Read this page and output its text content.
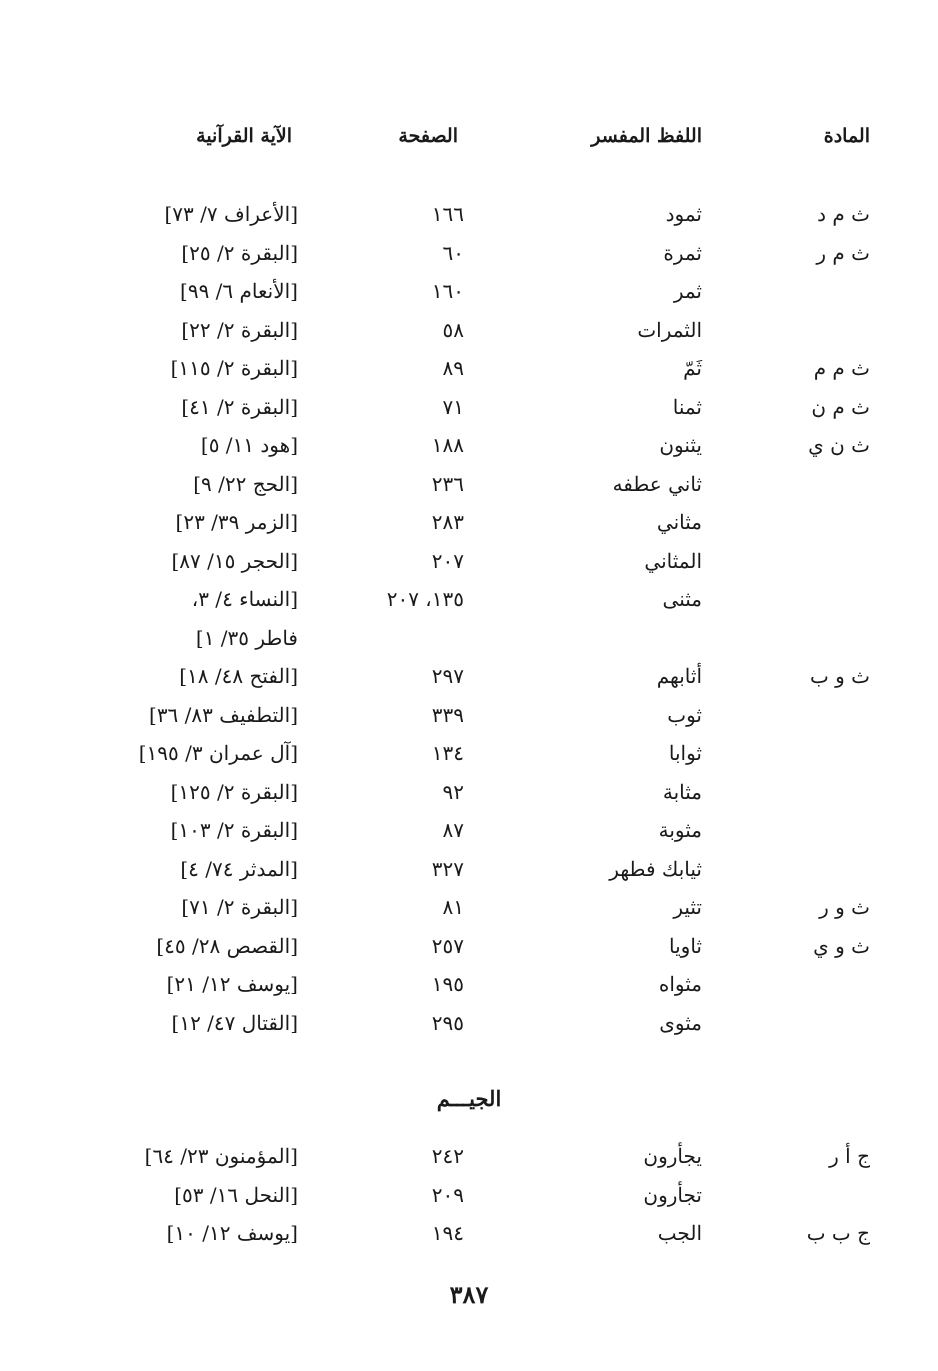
المادة
اللفظ المفسر
الصفحة
الآية القرآنية
ث م د
ثمود
١٦٦
[الأعراف ٧/ ٧٣]
ث م ر
ثمرة
٦٠
[البقرة ٢/ ٢٥]
ثمر
١٦٠
[الأنعام ٦/ ٩٩]
الثمرات
٥٨
[البقرة ٢/ ٢٢]
ث م م
ثَمّ
٨٩
[البقرة ٢/ ١١٥]
ث م ن
ثمنا
٧١
[البقرة ٢/ ٤١]
ث ن ي
يثنون
١٨٨
[هود ١١/ ٥]
ثاني عطفه
٢٣٦
[الحج ٢٢/ ٩]
مثاني
٢٨٣
[الزمر ٣٩/ ٢٣]
المثاني
٢٠٧
[الحجر ١٥/ ٨٧]
مثنى
١٣٥، ٢٠٧
[النساء ٤/ ٣،
فاطر ٣٥/ ١]
ث و ب
أثابهم
٢٩٧
[الفتح ٤٨/ ١٨]
ثوب
٣٣٩
[التطفيف ٨٣/ ٣٦]
ثوابا
١٣٤
[آل عمران ٣/ ١٩٥]
مثابة
٩٢
[البقرة ٢/ ١٢٥]
مثوبة
٨٧
[البقرة ٢/ ١٠٣]
ثيابك فطهر
٣٢٧
[المدثر ٧٤/ ٤]
ث و ر
تثير
٨١
[البقرة ٢/ ٧١]
ث و ي
ثاويا
٢٥٧
[القصص ٢٨/ ٤٥]
مثواه
١٩٥
[يوسف ١٢/ ٢١]
مثوى
٢٩٥
[القتال ٤٧/ ١٢]
الجيـــم
ج أ ر
يجأرون
٢٤٢
[المؤمنون ٢٣/ ٦٤]
تجأرون
٢٠٩
[النحل ١٦/ ٥٣]
ج ب ب
الجب
١٩٤
[يوسف ١٢/ ١٠]
٣٨٧
